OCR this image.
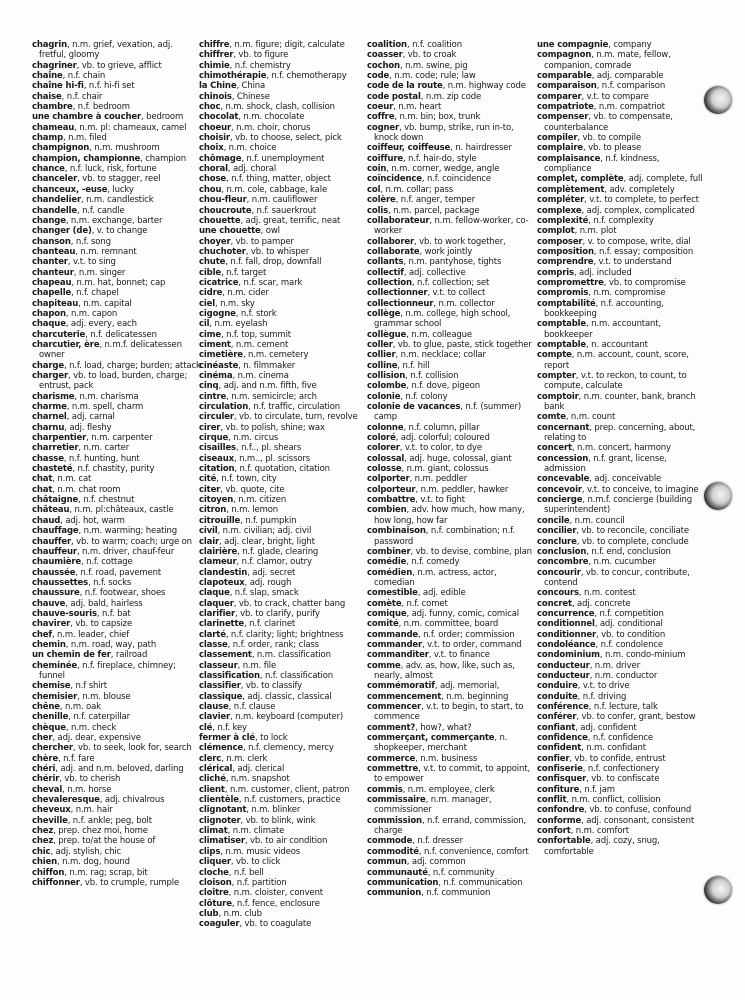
chagrin, n.m. grief, vexation, adj. fretful, gloomy

chagriner, vb. to grieve, afflict

chaîne, n.f. chain

chaîne hi-fi, n.f. hi-fi set

chaise, n.f. chair

chambre, n.f. bedroom

une chambre à coucher, bedroom

chameau, n.m. pl: chameaux, camel

champ, n.m. filed

champignon, n.m. mushroom

champion, championne, champion

chance, n.f. luck, risk, fortune

chanceler, vb. to stagger, reel

chanceux, -euse, lucky

chandelier, n.m. candlestick

chandelle, n.f. candle

change, n.m. exchange, barter

changer (de), v. to change

chanson, n.f. song

chanteau, n.m. remnant

chanter, v.t. to sing

chanteur, n.m. singer

chapeau, n.m. hat, bonnet; cap

chapelle, n.f. chapel

chapiteau, n.m. capital

chapon, n.m. capon

chaque, adj. every, each

charcuterie, n.f. delicatessen

charcutier, ère, n.m.f. delicatessen owner

charge, n.f. load, charge; burden; attack

charger, vb. to load, burden, charge; entrust, pack

charisme, n.m. charisma

charme, n.m. spell, charm

charnel, adj. carnal

charnu, adj. fleshy

charpentier, n.m. carpenter

charretier, n.m. carter

chasse, n.f. hunting, hunt

chasteté, n.f. chastity, purity

chat, n.m. cat

chat, n.m. chat room

châtaigne, n.f. chestnut

château, n.m. pl:châteaux, castle

chaud, adj. hot, warm

chauffage, n.m. warming; heating

chauffer, vb. to warm; coach; urge on

chauffeur, n.m. driver, chauf-feur

chaumière, n.f. cottage

chaussée, n.f. road, pavement

chaussettes, n.f. socks

chaussure, n.f. footwear, shoes

chauve, adj. bald, hairless

chauve-souris, n.f. bat

chavirer, vb. to capsize

chef, n.m. leader, chief

chemin, n.m. road, way, path

un chemin de fer, railroad

cheminée, n.f. fireplace, chimney; funnel

chemise, n.f shirt

chemisier, n.m. blouse

chêne, n.m. oak

chenille, n.f. caterpillar

chèque, n.m. check

cher, adj. dear, expensive

chercher, vb. to seek, look for, search

chère, n.f. fare

chéri, adj. and n.m. beloved, darling

chérir, vb. to cherish

cheval, n.m. horse

chevaleresque, adj. chivalrous

cheveux, n.m. hair

cheville, n.f. ankle; peg, bolt

chez, prep. chez moi, home

chez, prep. to/at the house of

chic, adj. stylish, chic

chien, n.m. dog, hound

chiffon, n.m. rag; scrap, bit

chiffonner, vb. to crumple, rumple

chiffre, n.m. figure; digit, calculate

chiffrer, vb. to figure

chimie, n.f. chemistry

chimothérapie, n.f. chemotherapy

la Chine, China

chinois, Chinese

choc, n.m. shock, clash, collision

chocolat, n.m. chocolate

choeur, n.m. choir, chorus

choisir, vb. to choose, select, pick

choix, n.m. choice

chômage, n.f. unemployment

choral, adj. choral

chose, n.f. thing, matter, object

chou, n.m. cole, cabbage, kale

chou-fleur, n.m. cauliflower

choucroute, n.f. sauerkrout

chouette, adj. great, terrific, neat

une chouette, owl

choyer, vb. to pamper

chuchoter, vb. to whisper

chute, n.f. fall, drop, downfall

cible, n.f. target

cicatrice, n.f. scar, mark

cidre, n.m. cider

ciel, n.m. sky

cigogne, n.f. stork

cil, n.m. eyelash

cime, n.f. top, summit

ciment, n.m. cement

cimetière, n.m. cemetery

cinéaste, n. filmmaker

cinéma, n.m. cinema

cinq, adj. and n.m. fifth, five

cintre, n.m. semicircle; arch

circulation, n.f. traffic, circulation

circuler, vb. to circulate, turn, revolve

cirer, vb. to polish, shine; wax

cirque, n.m. circus

cisailles, n.f.., pl. shears

ciseaux, n.m.., pl. scissors

citation, n.f. quotation, citation

cité, n.f. town, city

citer, vb. quote, cite

citoyen, n.m. citizen

citron, n.m. lemon

citrouille, n.f. pumpkin

civil, n.m. civilian; adj. civil

clair, adj. clear, bright, light

clairière, n.f. glade, clearing

clameur, n.f. clamor, outry

clandestin, adj. secret

clapoteux, adj. rough

claque, n.f. slap, smack

claquer, vb. to crack, chatter bang

clarifier, vb. to clarify, purify

clarinette, n.f. clarinet

clarté, n.f. clarity; light; brightness

classe, n.f. order, rank; class

classement, n.m. classification

classeur, n.m. file

classification, n.f. classification

classifier, vb. to classify

classique, adj. classic, classical

clause, n.f. clause

clavier, n.m. keyboard (computer)

clé, n.f. key

fermer à clé, to lock

clémence, n.f. clemency, mercy

clerc, n.m. clerk

clérical, adj. clerical

cliché, n.m. snapshot

client, n.m. customer, client, patron

clientèle, n.f. customers, practice

clignotant, n.m. blinker

clignoter, vb. to blink, wink

climat, n.m. climate

climatiser, vb. to air condition

clips, n.m. music videos

cliquer, vb. to click

cloche, n.f. bell

cloison, n.f. partition

cloître, n.m. cloister, convent

clôture, n.f. fence, enclosure

club, n.m. club

coaguler, vb. to coagulate

coalition, n.f. coalition

coasser, vb. to croak

cochon, n.m. swine, pig

code, n.m. code; rule; law

code de la route, n.m. highway code

code postal, n.m. zip code

coeur, n.m. heart

coffre, n.m. bin; box, trunk

cogner, vb. bump, strike, run in-to, knock down

coiffeur, coiffeuse, n. hairdresser

coiffure, n.f. hair-do, style

coin, n.m. corner, wedge, angle

coïncidence, n.f. coincidence

col, n.m. collar; pass

colère, n.f. anger, temper

colis, n.m. parcel, package

collaborateur, n.m. fellow-worker, co-worker

collaborer, vb. to work together,

collaborate, work jointly

collants, n.m. pantyhose, tights

collectif, adj. collective

collection, n.f. collection; set

collectionner, v.t. to collect

collectionneur, n.m. collector

collège, n.m. college, high school, grammar school

collègue, n.m. colleague

coller, vb. to glue, paste, stick together

collier, n.m. necklace; collar

colline, n.f. hill

collision, n.f. collision

colombe, n.f. dove, pigeon

colonie, n.f. colony

colonie de vacances, n.f. (summer) camp

colonne, n.f. column, pillar

coloré, adj. colorful; coloured

colorer, v.t. to color, to dye

colossal, adj. huge, colossal, giant

colosse, n.m. giant, colossus

colporter, n.m. peddler

colporteur, n.m. peddler, hawker

combattre, v.t. to fight

combien, adv. how much, how many, how long, how far

combinaison, n.f. combination; n.f. password

combiner, vb. to devise, combine, plan

comédie, n.f. comedy

comédien, n.m. actress, actor, comedian

comestible, adj. edible

comète, n.f. comet

comique, adj. funny, comic, comical

comité, n.m. committee, board

commande, n.f. order; commission

commander, v.t. to order, command

commanditer, v.t. to finance

comme, adv. as, how, like, such as, nearly, almost

commémoratif, adj. memorial,

commencement, n.m. beginning

commencer, v.t. to begin, to start, to commence

comment?, how?, what?

commerçant, commerçante, n. shopkeeper, merchant

commerce, n.m. business

commettre, v.t. to commit, to appoint, to empower

commis, n.m. employee, clerk

commissaire, n.m. manager, commissioner

commission, n.f. errand, commission, charge

commode, n.f. dresser

commodité, n.f. convenience, comfort

commun, adj. common

communauté, n.f. community

communication, n.f. communication

communion, n.f. communion

une compagnie, company

compagnon, n.m. mate, fellow, companion, comrade

comparable, adj. comparable

comparaison, n.f. comparison

comparer, v.t. to compare

compatriote, n.m. compatriot

compenser, vb. to compensate, counterbalance

compiler, vb. to compile

complaire, vb. to please

complaisance, n.f. kindness, compliance

complet, complète, adj. complete, full

complètement, adv. completely

compléter, v.t. to complete, to perfect

complexe, adj. complex, complicated

complexité, n.f. complexity

complot, n.m. plot

composer, v. to compose, write, dial

composition, n.f. essay; composition

comprendre, v.t. to understand

compris, adj. included

compromettre, vb. to compromise

compromis, n.m. compromise

comptabilité, n.f. accounting, bookkeeping

comptable, n.m. accountant, bookkeeper

comptable, n. accountant

compte, n.m. account, count, score, report

compter, v.t. to reckon, to count, to compute, calculate

comptoir, n.m. counter, bank, branch bank

comte, n.m. count

concernant, prep. concerning, about, relating to

concert, n.m. concert, harmony

concession, n.f. grant, license, admission

concevable, adj. conceivable

concevoir, v.t. to conceive, to imagine

concierge, n.m.f. concierge (building superintendent)

concile, n.m. council

concilier, vb. to reconcile, conciliate

conclure, vb. to complete, conclude

conclusion, n.f. end, conclusion

concombre, n.m. cucumber

concourir, vb. to concur, contribute, contend

concours, n.m. contest

concret, adj. concrete

concurrence, n.f. competition

conditionnel, adj. conditional

conditionner, vb. to condition

condoléance, n.f. condolence

condominium, n.m. condo-minium

conducteur, n.m. driver

conducteur, n.m. conductor

conduire, v.t. to drive

conduite, n.f. driving

conférence, n.f. lecture, talk

conférer, vb. to confer, grant, bestow

confiant, adj. confident

confidence, n.f. confidence

confident, n.m. confidant

confier, vb. to confide, entrust

confiserie, n.f. confectionery

confisquer, vb. to confiscate

confiture, n.f. jam

conflit, n.m. conflict, collision

confondre, vb. to confuse, confound

conforme, adj. consonant, consistent

confort, n.m. comfort

confortable, adj. cozy, snug, comfortable
